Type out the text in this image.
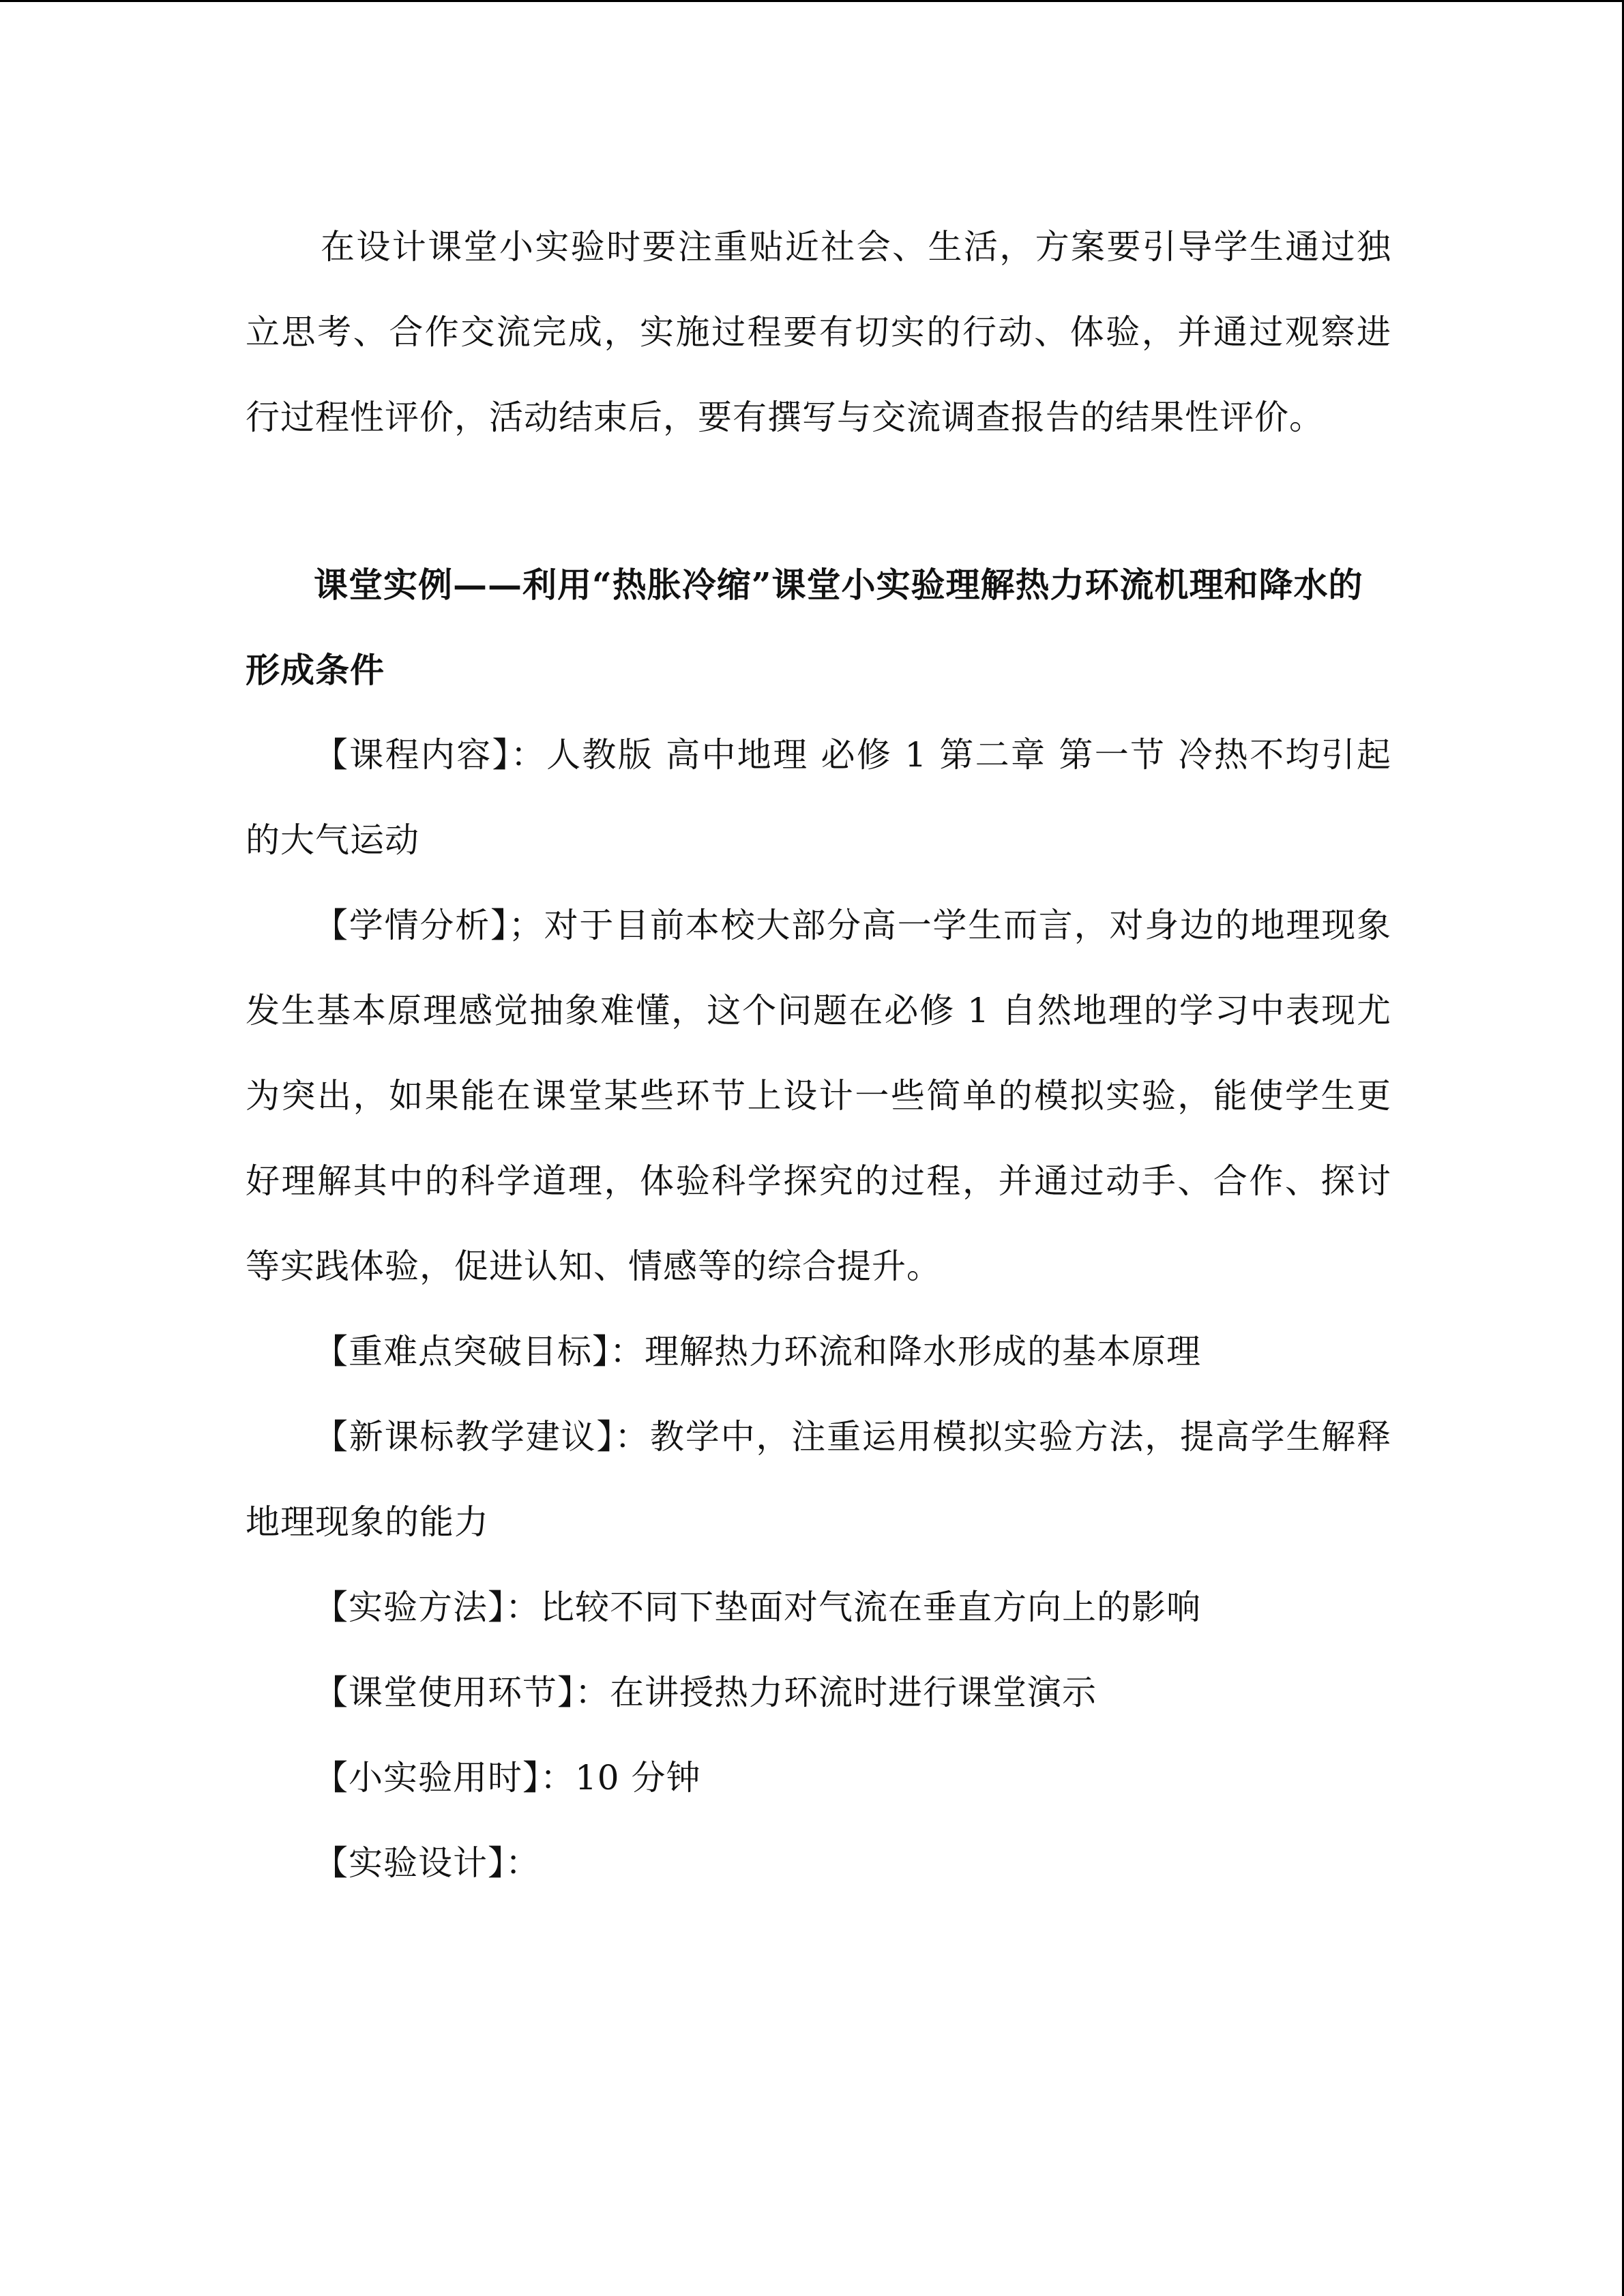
在设计课堂小实验时要注重贴近社会、生活，方案要引导学生通过独立思考、合作交流完成，实施过程要有切实的行动、体验，并通过观察进行过程性评价，活动结束后，要有撰写与交流调查报告的结果性评价。

课堂实例——利用“热胀冷缩”课堂小实验理解热力环流机理和降水的形成条件

【课程内容】：人教版 高中地理 必修 1 第二章 第一节 冷热不均引起的大气运动

【学情分析】；对于目前本校大部分高一学生而言，对身边的地理现象发生基本原理感觉抽象难懂，这个问题在必修 1 自然地理的学习中表现尤为突出，如果能在课堂某些环节上设计一些简单的模拟实验，能使学生更好理解其中的科学道理，体验科学探究的过程，并通过动手、合作、探讨等实践体验，促进认知、情感等的综合提升。

【重难点突破目标】：理解热力环流和降水形成的基本原理

【新课标教学建议】：教学中，注重运用模拟实验方法，提高学生解释地理现象的能力

【实验方法】：比较不同下垫面对气流在垂直方向上的影响

【课堂使用环节】：在讲授热力环流时进行课堂演示

【小实验用时】：10 分钟

【实验设计】：
